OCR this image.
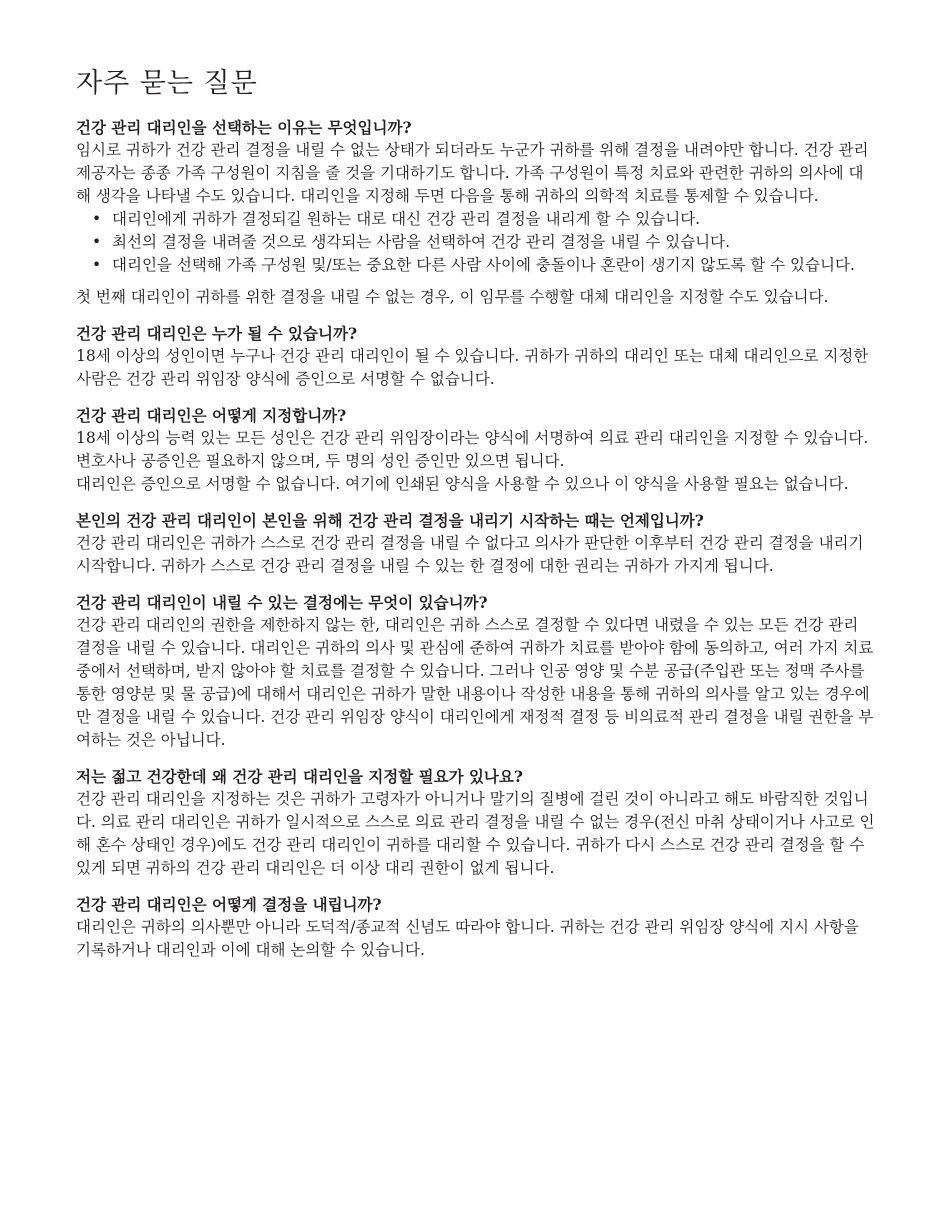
자주 묻는 질문
건강 관리 대리인을 선택하는 이유는 무엇입니까?

임시로 귀하가 건강 관리 결정을 내릴 수 없는 상태가 되더라도 누군가 귀하를 위해 결정을 내려야만 합니다. 건강 관리 제공자는 종종 가족 구성원이 지침을 줄 것을 기대하기도 합니다. 가족 구성원이 특정 치료와 관련한 귀하의 의사에 대해 생각을 나타낼 수도 있습니다. 대리인을 지정해 두면 다음을 통해 귀하의 의학적 치료를 통제할 수 있습니다.

• 대리인에게 귀하가 결정되길 원하는 대로 대신 건강 관리 결정을 내리게 할 수 있습니다.
• 최선의 결정을 내려줄 것으로 생각되는 사람을 선택하여 건강 관리 결정을 내릴 수 있습니다.
• 대리인을 선택해 가족 구성원 및/또는 중요한 다른 사람 사이에 충돌이나 혼란이 생기지 않도록 할 수 있습니다.

첫 번째 대리인이 귀하를 위한 결정을 내릴 수 없는 경우, 이 임무를 수행할 대체 대리인을 지정할 수도 있습니다.

건강 관리 대리인은 누가 될 수 있습니까?

18세 이상의 성인이면 누구나 건강 관리 대리인이 될 수 있습니다. 귀하가 귀하의 대리인 또는 대체 대리인으로 지정한 사람은 건강 관리 위임장 양식에 증인으로 서명할 수 없습니다.

건강 관리 대리인은 어떻게 지정합니까?

18세 이상의 능력 있는 모든 성인은 건강 관리 위임장이라는 양식에 서명하여 의료 관리 대리인을 지정할 수 있습니다. 변호사나 공증인은 필요하지 않으며, 두 명의 성인 증인만 있으면 됩니다.

대리인은 증인으로 서명할 수 없습니다. 여기에 인쇄된 양식을 사용할 수 있으나 이 양식을 사용할 필요는 없습니다.

본인의 건강 관리 대리인이 본인을 위해 건강 관리 결정을 내리기 시작하는 때는 언제입니까?

건강 관리 대리인은 귀하가 스스로 건강 관리 결정을 내릴 수 없다고 의사가 판단한 이후부터 건강 관리 결정을 내리기 시작합니다. 귀하가 스스로 건강 관리 결정을 내릴 수 있는 한 결정에 대한 권리는 귀하가 가지게 됩니다.

건강 관리 대리인이 내릴 수 있는 결정에는 무엇이 있습니까?

건강 관리 대리인의 권한을 제한하지 않는 한, 대리인은 귀하 스스로 결정할 수 있다면 내렸을 수 있는 모든 건강 관리 결정을 내릴 수 있습니다. 대리인은 귀하의 의사 및 관심에 준하여 귀하가 치료를 받아야 함에 동의하고, 여러 가지 치료 중에서 선택하며, 받지 않아야 할 치료를 결정할 수 있습니다. 그러나 인공 영양 및 수분 공급(주입관 또는 정맥 주사를 통한 영양분 및 물 공급)에 대해서 대리인은 귀하가 말한 내용이나 작성한 내용을 통해 귀하의 의사를 알고 있는 경우에만 결정을 내릴 수 있습니다. 건강 관리 위임장 양식이 대리인에게 재정적 결정 등 비의료적 관리 결정을 내릴 권한을 부여하는 것은 아닙니다.

저는 젊고 건강한데 왜 건강 관리 대리인을 지정할 필요가 있나요?

건강 관리 대리인을 지정하는 것은 귀하가 고령자가 아니거나 말기의 질병에 걸린 것이 아니라고 해도 바람직한 것입니다. 의료 관리 대리인은 귀하가 일시적으로 스스로 의료 관리 결정을 내릴 수 없는 경우(전신 마취 상태이거나 사고로 인해 혼수 상태인 경우)에도 건강 관리 대리인이 귀하를 대리할 수 있습니다. 귀하가 다시 스스로 건강 관리 결정을 할 수 있게 되면 귀하의 건강 관리 대리인은 더 이상 대리 권한이 없게 됩니다.

건강 관리 대리인은 어떻게 결정을 내립니까?

대리인은 귀하의 의사뿐만 아니라 도덕적/종교적 신념도 따라야 합니다. 귀하는 건강 관리 위임장 양식에 지시 사항을 기록하거나 대리인과 이에 대해 논의할 수 있습니다.
